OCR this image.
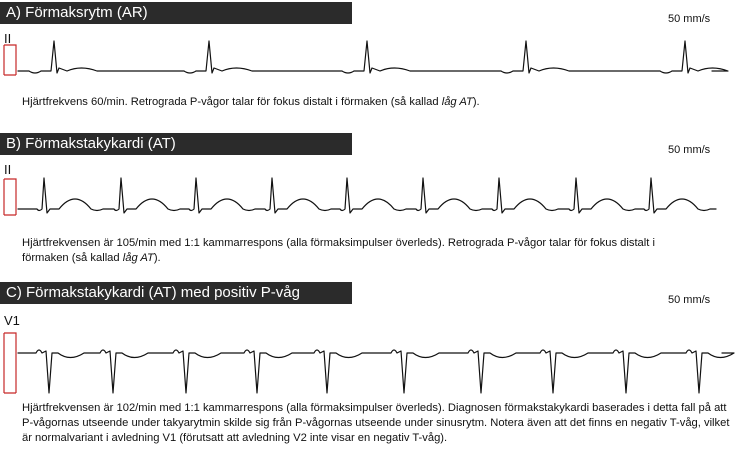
A) Förmaksrytm (AR)	50 mm/s
II
Hjärtfrekvens 60/min. Retrograda P-vågor talar för fokus distalt i förmaken (så kallad låg AT).
B) Förmakstakykardi (AT)	50 mm/s
II
Hjärtfrekvensen är 105/min med 1:1 kammarrespons (alla förmaksimpulser överleds). Retrograda P-vågor talar för fokus distalt i förmaken (så kallad låg AT).
C) Förmakstakykardi (AT) med positiv P-våg	50 mm/s
V1
Hjärtfrekvensen är 102/min med 1:1 kammarrespons (alla förmaksimpulser överleds). Diagnosen förmakstakykardi baserades i detta fall på att P-vågornas utseende under takyarytmin skilde sig från P-vågornas utseende under sinusrytm. Notera även att det finns en negativ T-våg, vilket är normalvariant i avledning V1 (förutsatt att avledning V2 inte visar en negativ T-våg).
